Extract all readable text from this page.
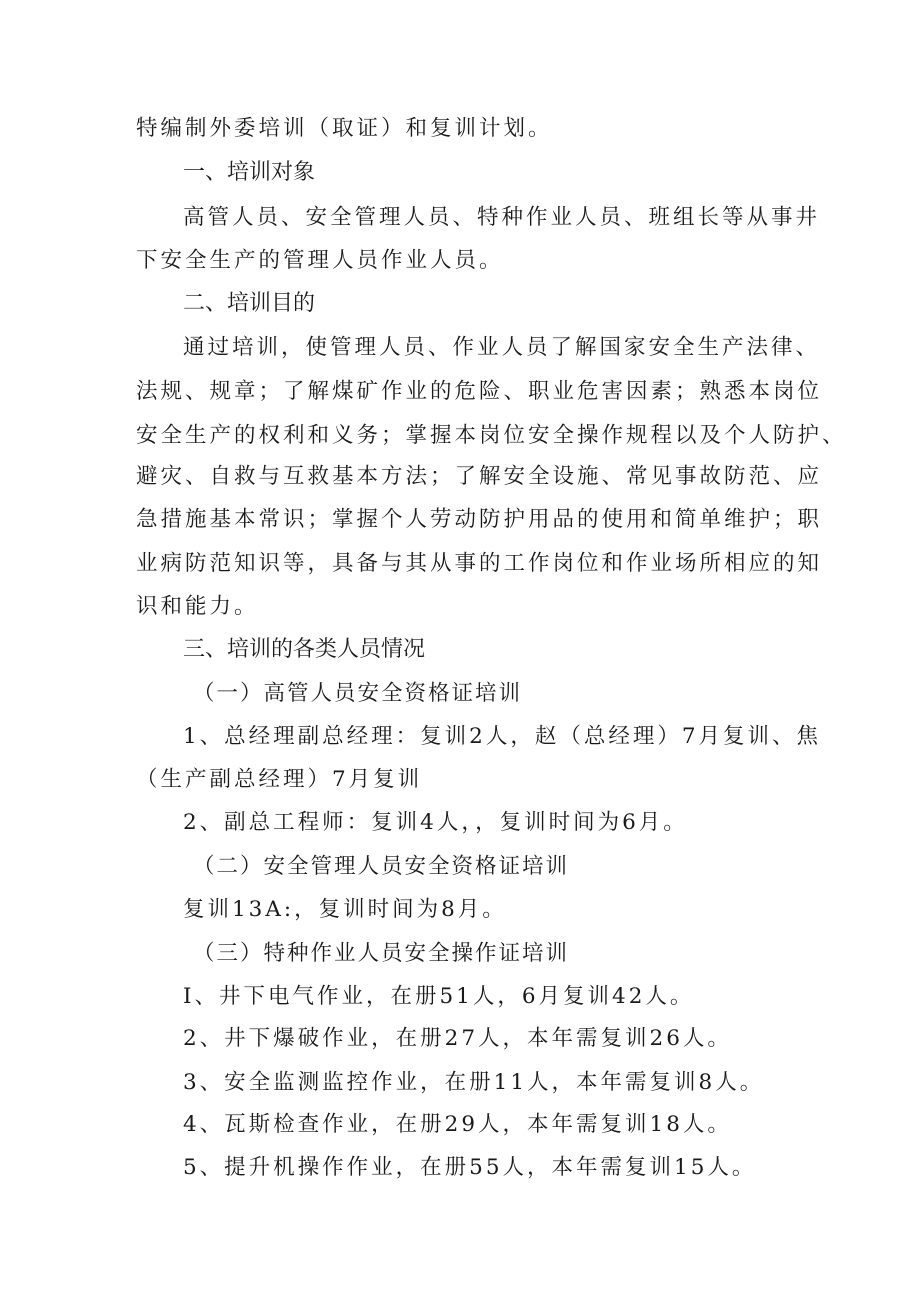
特编制外委培训（取证）和复训计划。
一、培训对象
高管人员、安全管理人员、特种作业人员、班组长等从事井
下安全生产的管理人员作业人员。
二、培训目的
通过培训，使管理人员、作业人员了解国家安全生产法律、
法规、规章；了解煤矿作业的危险、职业危害因素；熟悉本岗位
安全生产的权利和义务；掌握本岗位安全操作规程以及个人防护、
避灾、自救与互救基本方法；了解安全设施、常见事故防范、应
急措施基本常识；掌握个人劳动防护用品的使用和简单维护；职
业病防范知识等，具备与其从事的工作岗位和作业场所相应的知
识和能力。
三、培训的各类人员情况
（一）高管人员安全资格证培训
1、总经理副总经理：复训2人，赵（总经理）7月复训、焦
（生产副总经理）7月复训
2、副总工程师：复训4人，，复训时间为6月。
（二）安全管理人员安全资格证培训
复训13A:，复训时间为8月。
（三）特种作业人员安全操作证培训
I、井下电气作业，在册51人，6月复训42人。
2、井下爆破作业，在册27人，本年需复训26人。
3、安全监测监控作业，在册11人，本年需复训8人。
4、瓦斯检查作业，在册29人，本年需复训18人。
5、提升机操作作业，在册55人，本年需复训15人。
